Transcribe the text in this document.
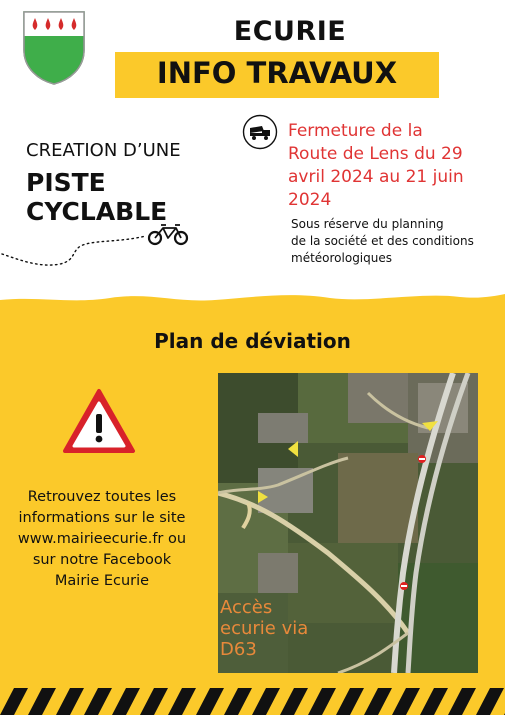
ECURIE
INFO TRAVAUX
CREATION D’UNE
PISTE CYCLABLE
Fermeture de la
Route de Lens du 29
avril 2024 au 21 juin
2024
Sous réserve du planning
de la société et des conditions
météorologiques
Plan de déviation
Retrouvez toutes les
informations sur le site
www.mairieecurie.fr ou
sur notre Facebook
Mairie Ecurie
Accès
ecurie via
D63
